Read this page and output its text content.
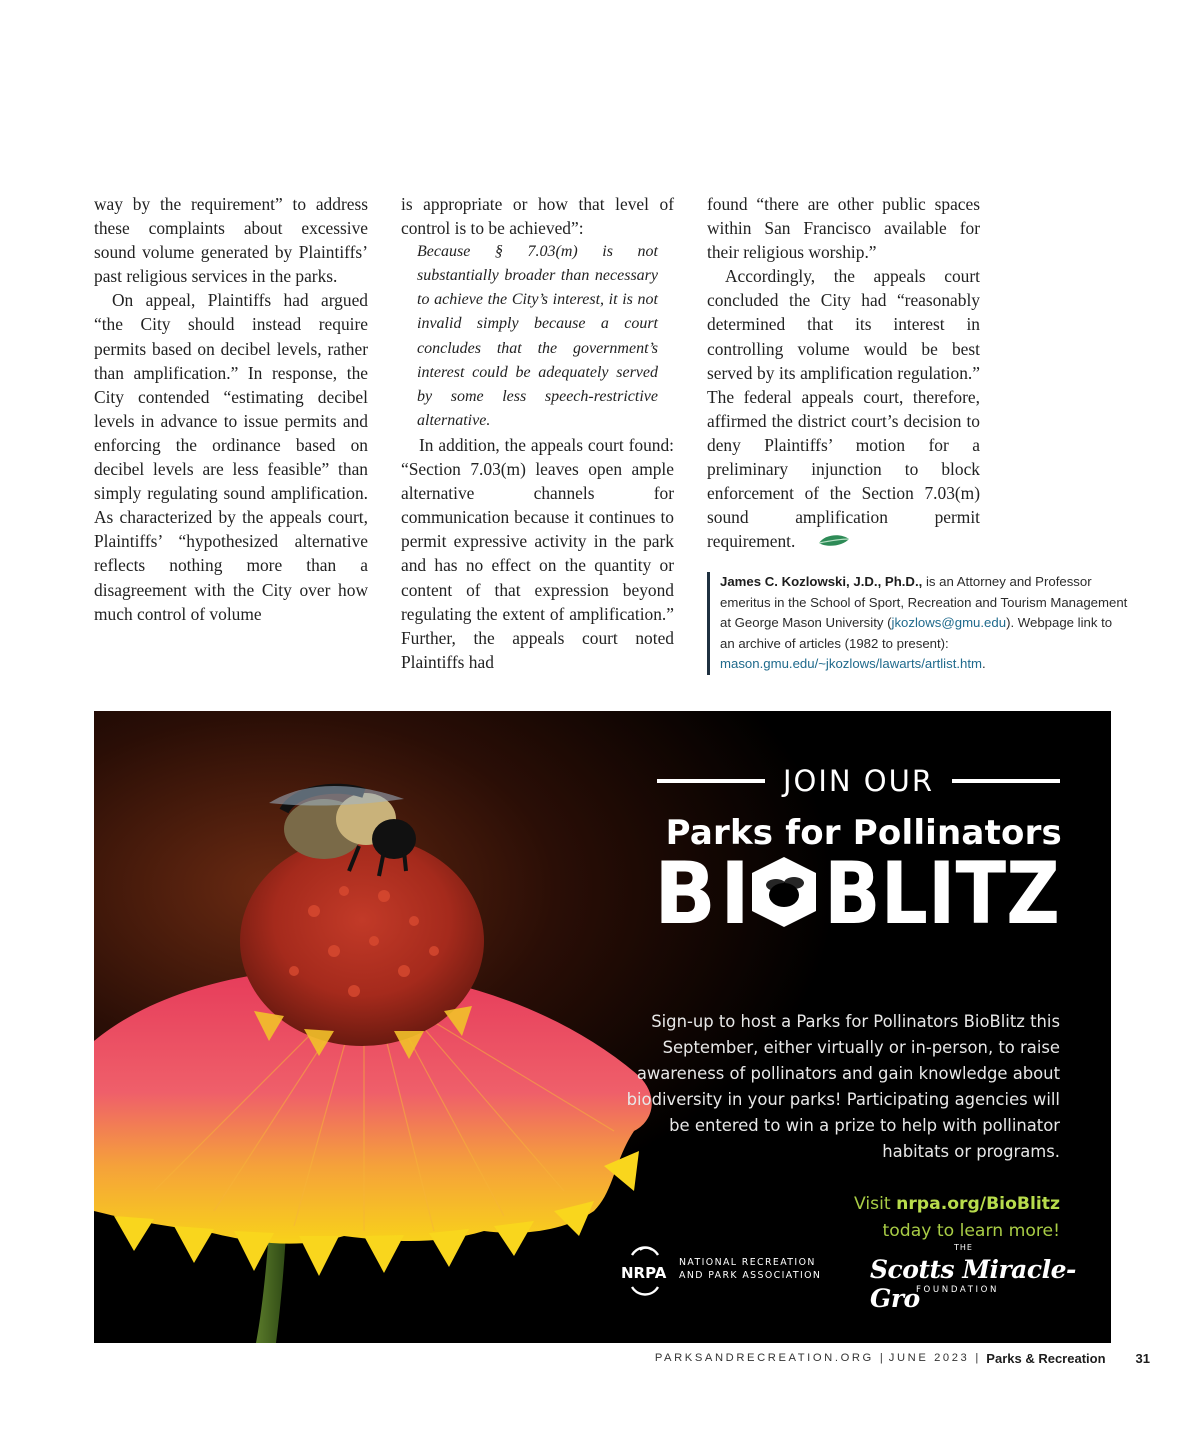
way by the requirement” to address these complaints about excessive sound volume generated by Plaintiffs’ past religious services in the parks.

On appeal, Plaintiffs had argued “the City should instead require permits based on decibel levels, rather than amplification.” In response, the City contended “estimating decibel levels in advance to issue permits and enforcing the ordinance based on decibel levels are less feasible” than simply regulating sound amplification. As characterized by the appeals court, Plaintiffs’ “hypothesized alternative reflects nothing more than a disagreement with the City over how much control of volume

is appropriate or how that level of control is to be achieved”:

Because § 7.03(m) is not substantially broader than necessary to achieve the City’s interest, it is not invalid simply because a court concludes that the government’s interest could be adequately served by some less speech-restrictive alternative.

In addition, the appeals court found: “Section 7.03(m) leaves open ample alternative channels for communication because it continues to permit expressive activity in the park and has no effect on the quantity or content of that expression beyond regulating the extent of amplification.” Further, the appeals court noted Plaintiffs had

found “there are other public spaces within San Francisco available for their religious worship.”

Accordingly, the appeals court concluded the City had “reasonably determined that its interest in controlling volume would be best served by its amplification regulation.” The federal appeals court, therefore, affirmed the district court’s decision to deny Plaintiffs’ motion for a preliminary injunction to block enforcement of the Section 7.03(m) sound amplification permit requirement.

James C. Kozlowski, J.D., Ph.D., is an Attorney and Professor emeritus in the School of Sport, Recreation and Tourism Management at George Mason University (jkozlows@gmu.edu). Webpage link to an archive of articles (1982 to present): mason.gmu.edu/~jkozlows/lawarts/artlist.htm.
JOIN OUR
Parks for Pollinators
B I BLITZ
Sign-up to host a Parks for Pollinators BioBlitz this September, either virtually or in-person, to raise awareness of pollinators and gain knowledge about biodiversity in your parks! Participating agencies will be entered to win a prize to help with pollinator habitats or programs.
Visit nrpa.org/BioBlitz
today to learn more!
NRPA
NATIONAL RECREATION
AND PARK ASSOCIATION
THE
Scotts Miracle-Gro
FOUNDATION
PARKSANDRECREATION.ORG | JUNE 2023 | Parks & Recreation 31
